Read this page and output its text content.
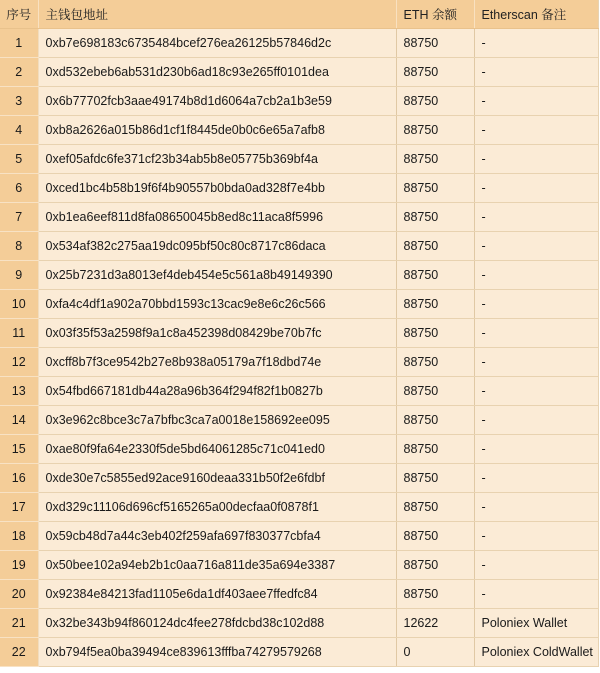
序号	主钱包地址	ETH 余额	Etherscan 备注
1	0xb7e698183c6735484bcef276ea26125b57846d2c	88750	-
2	0xd532ebeb6ab531d230b6ad18c93e265ff0101dea	88750	-
3	0x6b77702fcb3aae49174b8d1d6064a7cb2a1b3e59	88750	-
4	0xb8a2626a015b86d1cf1f8445de0b0c6e65a7afb8	88750	-
5	0xef05afdc6fe371cf23b34ab5b8e05775b369bf4a	88750	-
6	0xced1bc4b58b19f6f4b90557b0bda0ad328f7e4bb	88750	-
7	0xb1ea6eef811d8fa08650045b8ed8c11aca8f5996	88750	-
8	0x534af382c275aa19dc095bf50c80c8717c86daca	88750	-
9	0x25b7231d3a8013ef4deb454e5c561a8b49149390	88750	-
10	0xfa4c4df1a902a70bbd1593c13cac9e8e6c26c566	88750	-
11	0x03f35f53a2598f9a1c8a452398d08429be70b7fc	88750	-
12	0xcff8b7f3ce9542b27e8b938a05179a7f18dbd74e	88750	-
13	0x54fbd667181db44a28a96b364f294f82f1b0827b	88750	-
14	0x3e962c8bce3c7a7bfbc3ca7a0018e158692ee095	88750	-
15	0xae80f9fa64e2330f5de5bd64061285c71c041ed0	88750	-
16	0xde30e7c5855ed92ace9160deaa331b50f2e6fdbf	88750	-
17	0xd329c11106d696cf5165265a00decfaa0f0878f1	88750	-
18	0x59cb48d7a44c3eb402f259afa697f830377cbfa4	88750	-
19	0x50bee102a94eb2b1c0aa716a811de35a694e3387	88750	-
20	0x92384e84213fad1105e6da1df403aee7ffedfc84	88750	-
21	0x32be343b94f860124dc4fee278fdcbd38c102d88	12622	Poloniex Wallet
22	0xb794f5ea0ba39494ce839613fffba74279579268	0	Poloniex ColdWallet
